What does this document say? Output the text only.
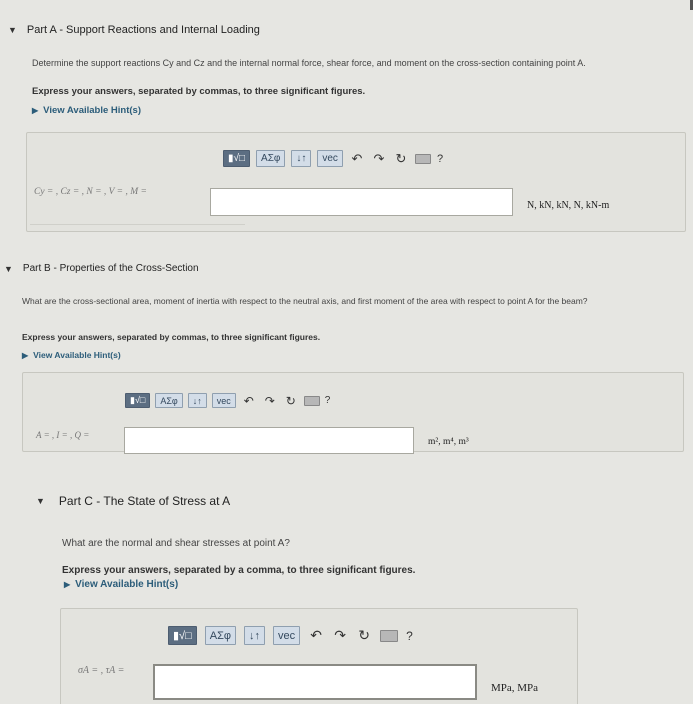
▼ Part A - Support Reactions and Internal Loading
Determine the support reactions Cy and Cz and the internal normal force, shear force, and moment on the cross-section containing point A.
Express your answers, separated by commas, to three significant figures.
▶ View Available Hint(s)
▮√□	ΑΣφ	↓↑	vec	↶ ↷ ↻	?
Cy = , Cz = , N = , V = , M =
N, kN, kN, N, kN-m
▼ Part B - Properties of the Cross-Section
What are the cross-sectional area, moment of inertia with respect to the neutral axis, and first moment of the area with respect to point A for the beam?
Express your answers, separated by commas, to three significant figures.
▶ View Available Hint(s)
▮√□	ΑΣφ	↓↑	vec	↶ ↷ ↻	?
A = , I = , Q =
m², m⁴, m³
▼ Part C - The State of Stress at A
What are the normal and shear stresses at point A?
Express your answers, separated by a comma, to three significant figures.
▶ View Available Hint(s)
▮√□	ΑΣφ	↓↑	vec	↶ ↷ ↻	?
σA = , τA =
MPa, MPa
